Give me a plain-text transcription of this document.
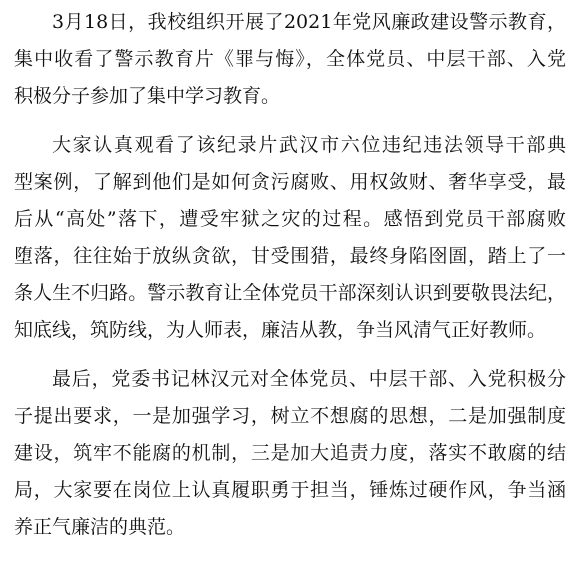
3月18日，我校组织开展了2021年党风廉政建设警示教育，
集中收看了警示教育片《罪与悔》，全体党员、中层干部、入党
积极分子参加了集中学习教育。
大家认真观看了该纪录片武汉市六位违纪违法领导干部典
型案例，了解到他们是如何贪污腐败、用权敛财、奢华享受，最
后从“高处”落下，遭受牢狱之灾的过程。感悟到党员干部腐败
堕落，往往始于放纵贪欲，甘受围猎，最终身陷囹圄，踏上了一
条人生不归路。警示教育让全体党员干部深刻认识到要敬畏法纪，
知底线，筑防线，为人师表，廉洁从教，争当风清气正好教师。
最后，党委书记林汉元对全体党员、中层干部、入党积极分
子提出要求，一是加强学习，树立不想腐的思想，二是加强制度
建设，筑牢不能腐的机制，三是加大追责力度，落实不敢腐的结
局，大家要在岗位上认真履职勇于担当，锤炼过硬作风，争当涵
养正气廉洁的典范。
